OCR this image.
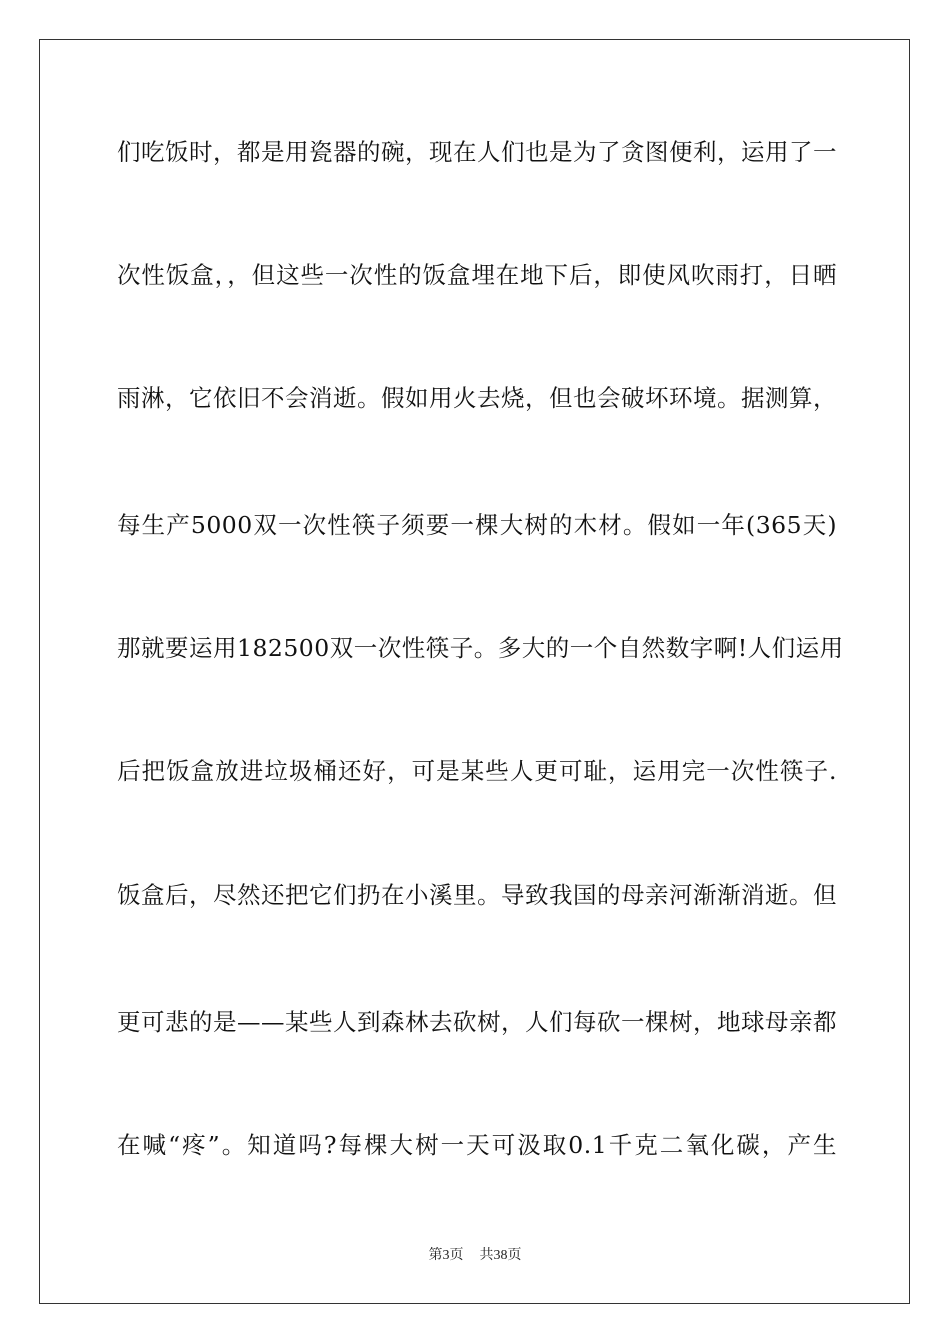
们吃饭时，都是用瓷器的碗，现在人们也是为了贪图便利，运用了一
次性饭盒，，但这些一次性的饭盒埋在地下后，即使风吹雨打，日晒
雨淋，它依旧不会消逝。假如用火去烧，但也会破坏环境。据测算，
每生产5000双一次性筷子须要一棵大树的木材。假如一年(365天)
那就要运用182500双一次性筷子。多大的一个自然数字啊!人们运用
后把饭盒放进垃圾桶还好，可是某些人更可耻，运用完一次性筷子.
饭盒后，尽然还把它们扔在小溪里。导致我国的母亲河渐渐消逝。但
更可悲的是——某些人到森林去砍树，人们每砍一棵树，地球母亲都
在喊“疼”。知道吗?每棵大树一天可汲取0.1千克二氧化碳，产生
第3页 共38页
